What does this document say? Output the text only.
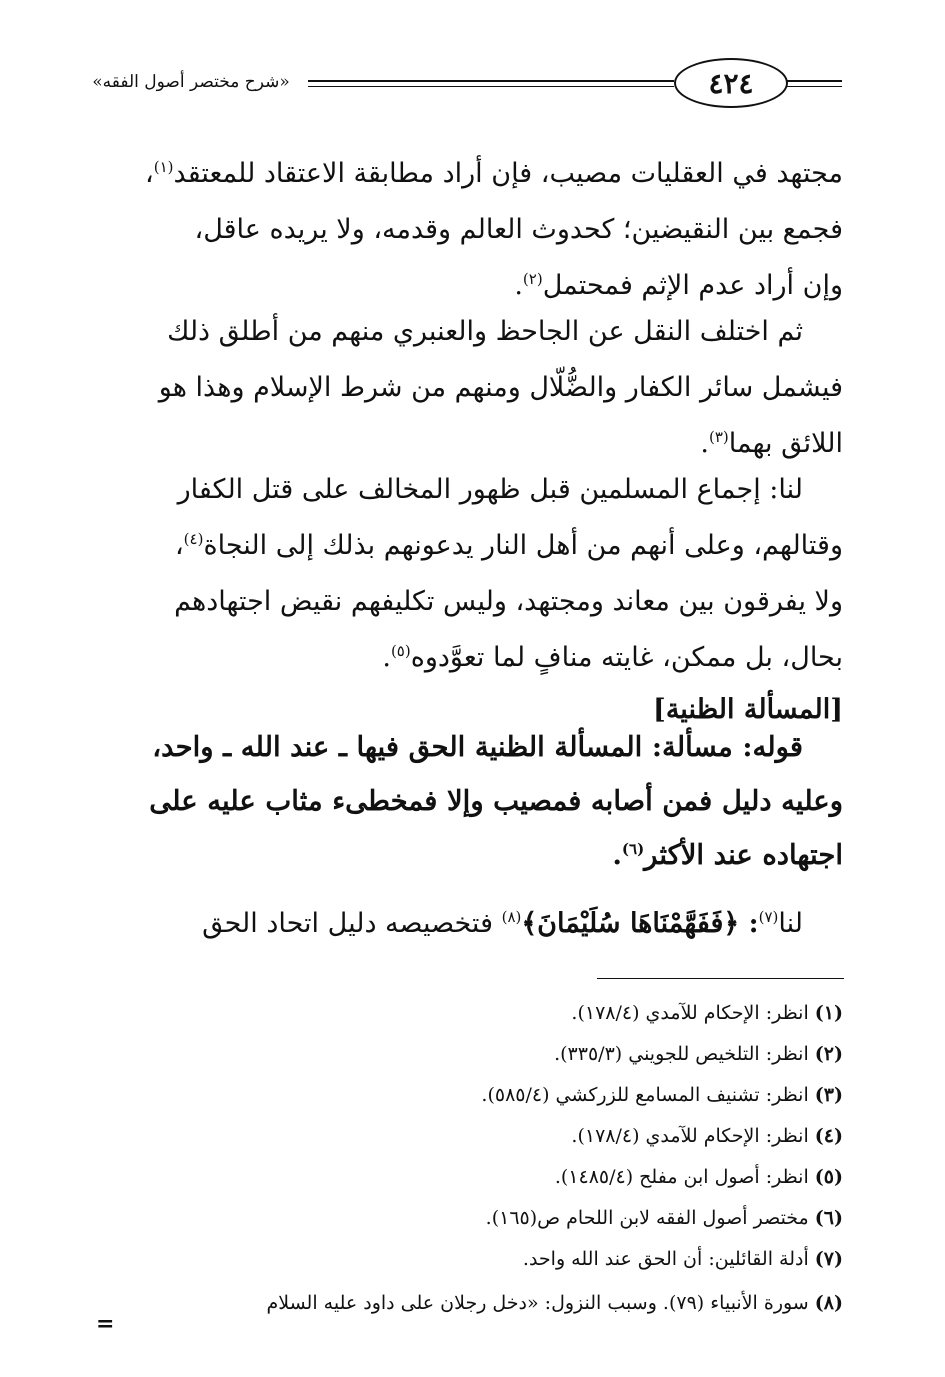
«شرح مختصر أصول الفقه»	٤٢٤

مجتهد في العقليات مصيب، فإن أراد مطابقة الاعتقاد للمعتقد$^{(١)}$،
فجمع بين النقيضين؛ كحدوث العالم وقدمه، ولا يريده عاقل،
وإن أراد عدم الإثم فمحتمل$^{(٢)}$.

ثم اختلف النقل عن الجاحظ والعنبري منهم من أطلق ذلك
فيشمل سائر الكفار والضُّلّال ومنهم من شرط الإسلام وهذا هو
اللائق بهما$^{(٣)}$.

لنا: إجماع المسلمين قبل ظهور المخالف على قتل الكفار
وقتالهم، وعلى أنهم من أهل النار يدعونهم بذلك إلى النجاة$^{(٤)}$،
ولا يفرقون بين معاند ومجتهد، وليس تكليفهم نقيض اجتهادهم
بحال، بل ممكن، غايته منافٍ لما تعوَّدوه$^{(٥)}$.

[المسألة الظنية]

قوله: مسألة: المسألة الظنية الحق فيها ـ عند الله ـ واحد،
وعليه دليل فمن أصابه فمصيب وإلا فمخطىء مثاب عليه على
اجتهاده عند الأكثر$^{(٦)}$.

لنا$^{(٧)}$: ﴿فَفَهَّمْنَاهَا سُلَيْمَانَ﴾$^{(٨)}$ فتخصيصه دليل اتحاد الحق

(١) انظر: الإحكام للآمدي (١٧٨/٤).
(٢) انظر: التلخيص للجويني (٣٣٥/٣).
(٣) انظر: تشنيف المسامع للزركشي (٥٨٥/٤).
(٤) انظر: الإحكام للآمدي (١٧٨/٤).
(٥) انظر: أصول ابن مفلح (١٤٨٥/٤).
(٦) مختصر أصول الفقه لابن اللحام ص(١٦٥).
(٧) أدلة القائلين: أن الحق عند الله واحد.
(٨) سورة الأنبياء (٧٩). وسبب النزول: «دخل رجلان على داود عليه السلام
=
